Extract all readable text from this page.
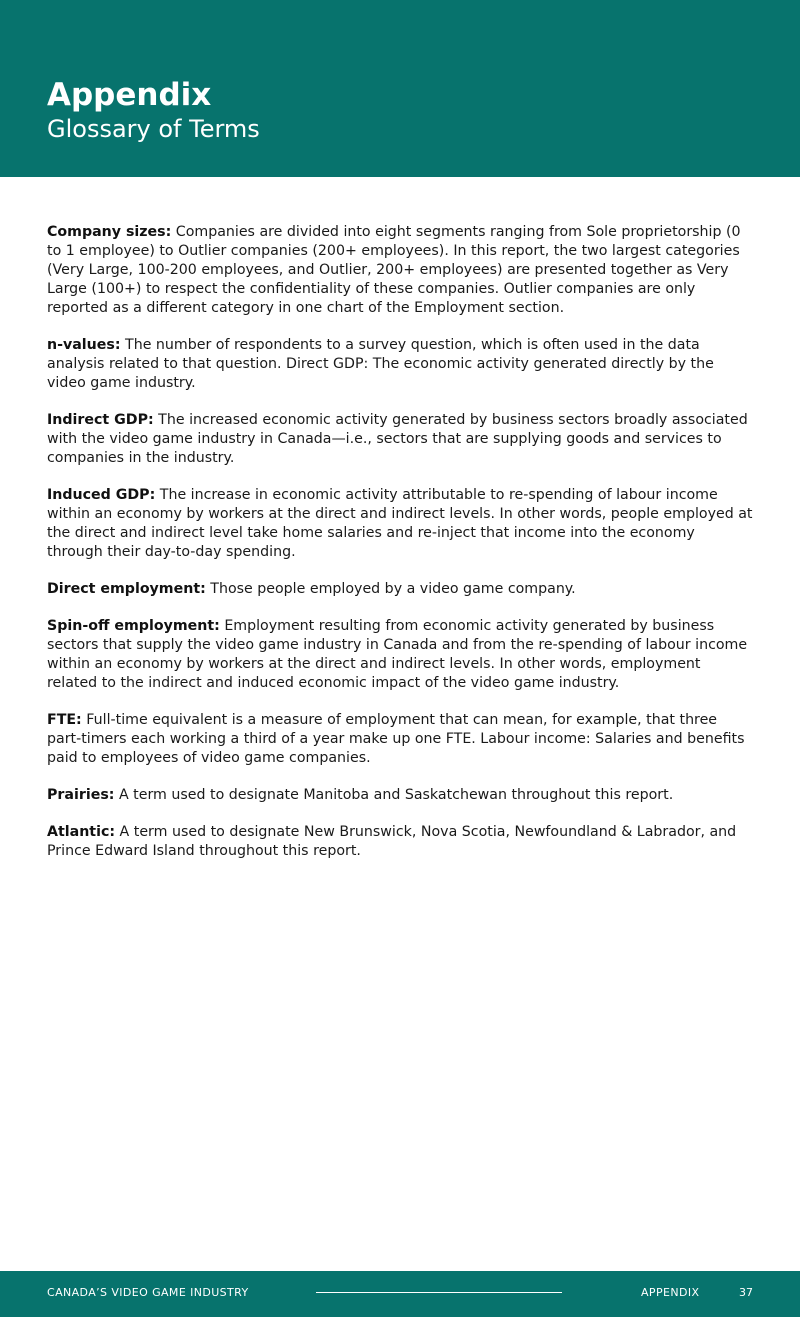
Appendix
Glossary of Terms

Company sizes: Companies are divided into eight segments ranging from Sole proprietorship (0 to 1 employee) to Outlier companies (200+ employees). In this report, the two largest categories (Very Large, 100-200 employees, and Outlier, 200+ employees) are presented together as Very Large (100+) to respect the confidentiality of these companies. Outlier companies are only reported as a different category in one chart of the Employment section.

n-values: The number of respondents to a survey question, which is often used in the data analysis related to that question. Direct GDP: The economic activity generated directly by the video game industry.

Indirect GDP: The increased economic activity generated by business sectors broadly associated with the video game industry in Canada—i.e., sectors that are supplying goods and services to companies in the industry.

Induced GDP: The increase in economic activity attributable to re-spending of labour income within an economy by workers at the direct and indirect levels. In other words, people employed at the direct and indirect level take home salaries and re-inject that income into the economy through their day-to-day spending.

Direct employment: Those people employed by a video game company.

Spin-off employment: Employment resulting from economic activity generated by business sectors that supply the video game industry in Canada and from the re-spending of labour income within an economy by workers at the direct and indirect levels. In other words, employment related to the indirect and induced economic impact of the video game industry.

FTE: Full-time equivalent is a measure of employment that can mean, for example, that three part-timers each working a third of a year make up one FTE. Labour income: Salaries and benefits paid to employees of video game companies.

Prairies: A term used to designate Manitoba and Saskatchewan throughout this report.

Atlantic: A term used to designate New Brunswick, Nova Scotia, Newfoundland & Labrador, and Prince Edward Island throughout this report.

CANADA’S VIDEO GAME INDUSTRY	APPENDIX	37
